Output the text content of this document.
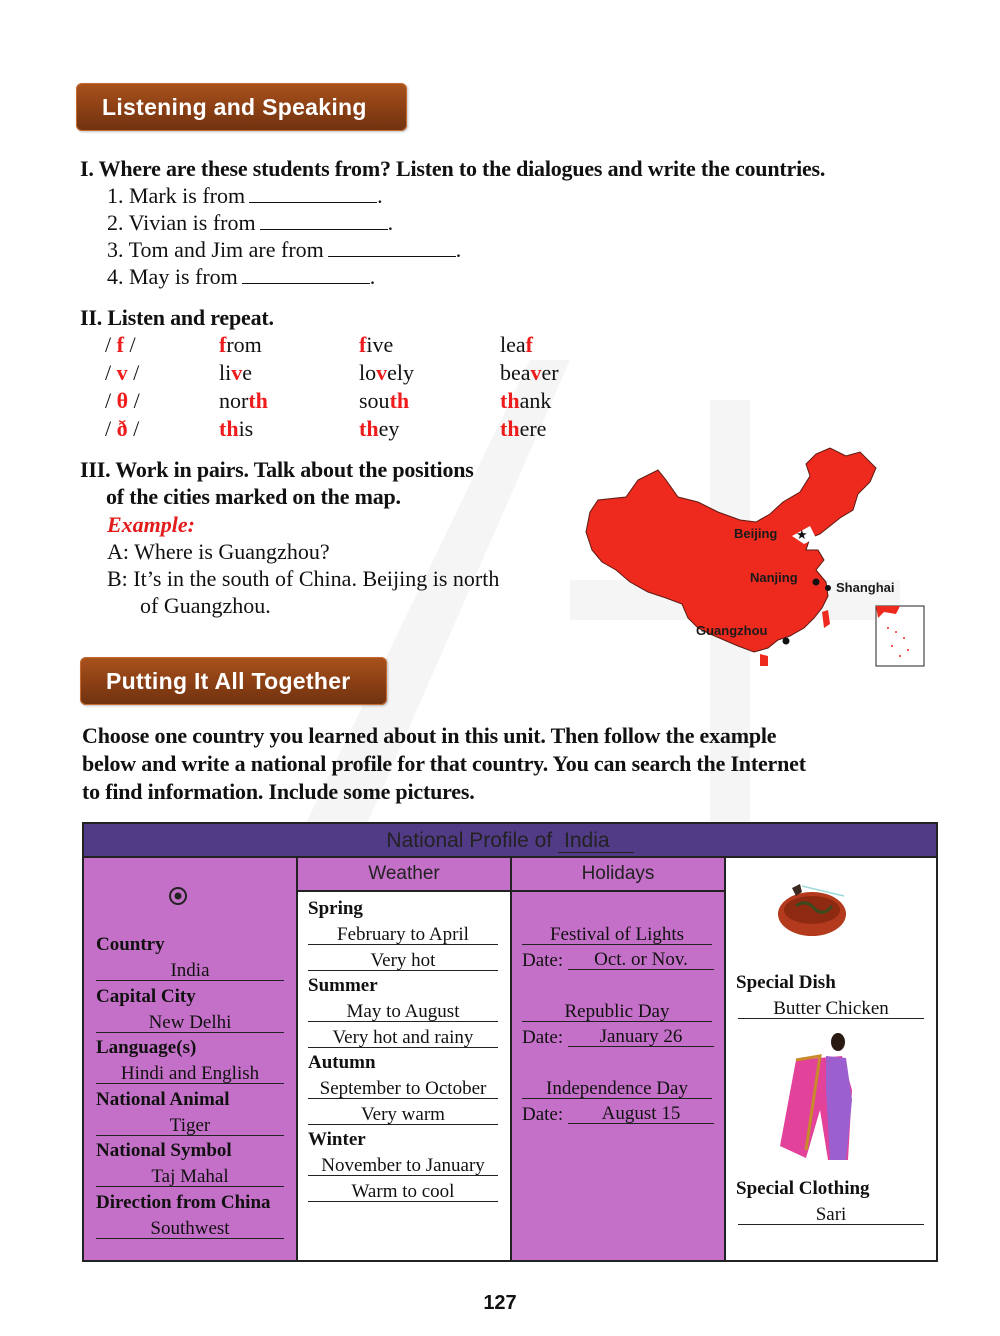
Listening and Speaking
I. Where are these students from? Listen to the dialogues and write the countries.
1. Mark is from	.
2. Vivian is from	.
3. Tom and Jim are from	.
4. May is from	.
II. Listen and repeat.
/ f /	from	five	leaf
/ v /	live	lovely	beaver
/ θ /	north	south	thank
/ ð /	this	they	there
III. Work in pairs. Talk about the positions
of the cities marked on the map.
Example:
A: Where is Guangzhou?
B: It’s in the south of China. Beijing is north
of Guangzhou.
★
Beijing
Nanjing
Shanghai
Guangzhou
Putting It All Together
Choose one country you learned about in this unit. Then follow the example
below and write a national profile for that country. You can search the Internet
to find information. Include some pictures.
National Profile of India
Country
India
Capital City
New Delhi
Language(s)
Hindi and English
National Animal
Tiger
National Symbol
Taj Mahal
Direction from China
Southwest
Weather
Spring
February to April
Very hot
Summer
May to August
Very hot and rainy
Autumn
September to October
Very warm
Winter
November to January
Warm to cool
Holidays
Festival of Lights
Date:	Oct. or Nov.
Republic Day
Date:	January 26
Independence Day
Date:	August 15
Special Dish
Butter Chicken
Special Clothing
Sari
127
